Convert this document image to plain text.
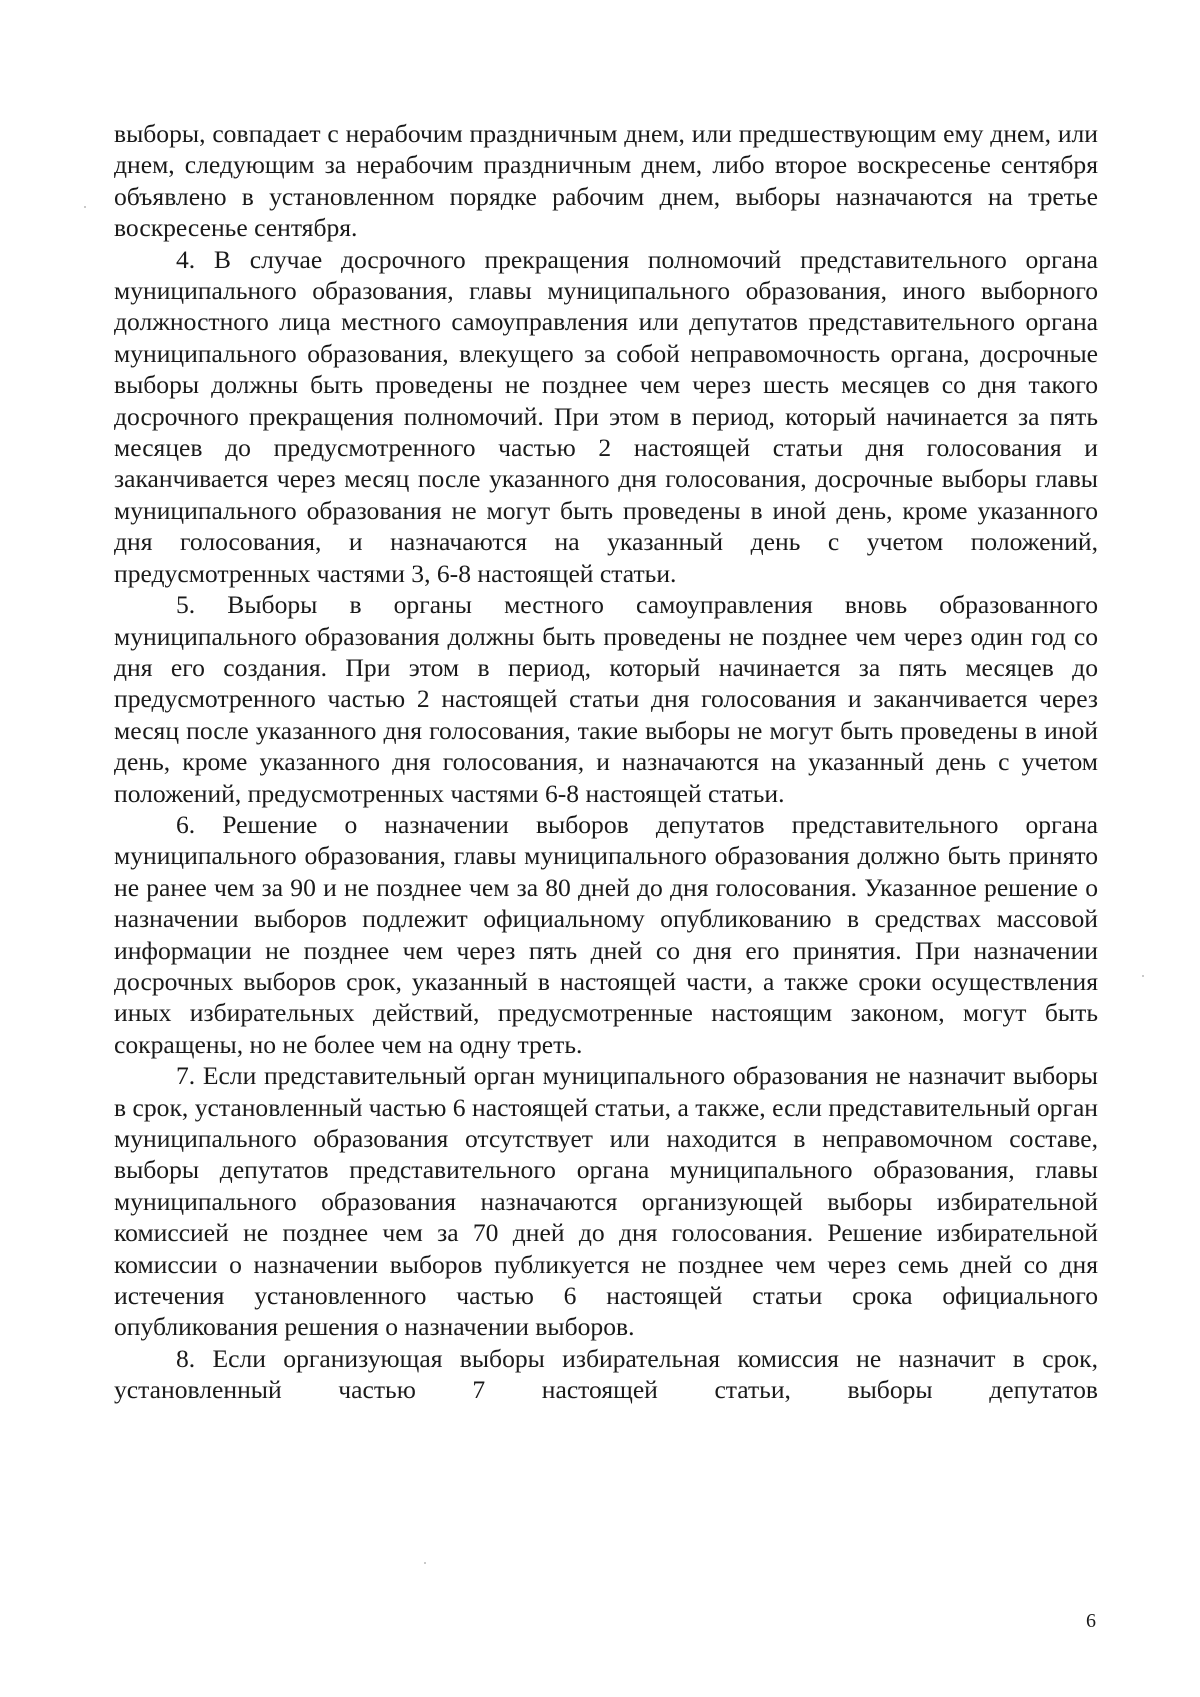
выборы, совпадает с нерабочим праздничным днем, или предшествующим ему днем, или днем, следующим за нерабочим праздничным днем, либо второе воскресенье сентября объявлено в установленном порядке рабочим днем, выборы назначаются на третье воскресенье сентября.

4. В случае досрочного прекращения полномочий представительного органа муниципального образования, главы муниципального образования, иного выборного должностного лица местного самоуправления или депутатов представительного органа муниципального образования, влекущего за собой неправомочность органа, досрочные выборы должны быть проведены не позднее чем через шесть месяцев со дня такого досрочного прекращения полномочий. При этом в период, который начинается за пять месяцев до предусмотренного частью 2 настоящей статьи дня голосования и заканчивается через месяц после указанного дня голосования, досрочные выборы главы муниципального образования не могут быть проведены в иной день, кроме указанного дня голосования, и назначаются на указанный день с учетом положений, предусмотренных частями 3, 6-8 настоящей статьи.

5. Выборы в органы местного самоуправления вновь образованного муниципального образования должны быть проведены не позднее чем через один год со дня его создания. При этом в период, который начинается за пять месяцев до предусмотренного частью 2 настоящей статьи дня голосования и заканчивается через месяц после указанного дня голосования, такие выборы не могут быть проведены в иной день, кроме указанного дня голосования, и назначаются на указанный день с учетом положений, предусмотренных частями 6-8 настоящей статьи.

6. Решение о назначении выборов депутатов представительного органа муниципального образования, главы муниципального образования должно быть принято не ранее чем за 90 и не позднее чем за 80 дней до дня голосования. Указанное решение о назначении выборов подлежит официальному опубликованию в средствах массовой информации не позднее чем через пять дней со дня его принятия. При назначении досрочных выборов срок, указанный в настоящей части, а также сроки осуществления иных избирательных действий, предусмотренные настоящим законом, могут быть сокращены, но не более чем на одну треть.

7. Если представительный орган муниципального образования не назначит выборы в срок, установленный частью 6 настоящей статьи, а также, если представительный орган муниципального образования отсутствует или находится в неправомочном составе, выборы депутатов представительного органа муниципального образования, главы муниципального образования назначаются организующей выборы избирательной комиссией не позднее чем за 70 дней до дня голосования. Решение избирательной комиссии о назначении выборов публикуется не позднее чем через семь дней со дня истечения установленного частью 6 настоящей статьи срока официального опубликования решения о назначении выборов.

8. Если организующая выборы избирательная комиссия не назначит в срок, установленный частью 7 настоящей статьи, выборы депутатов

6
